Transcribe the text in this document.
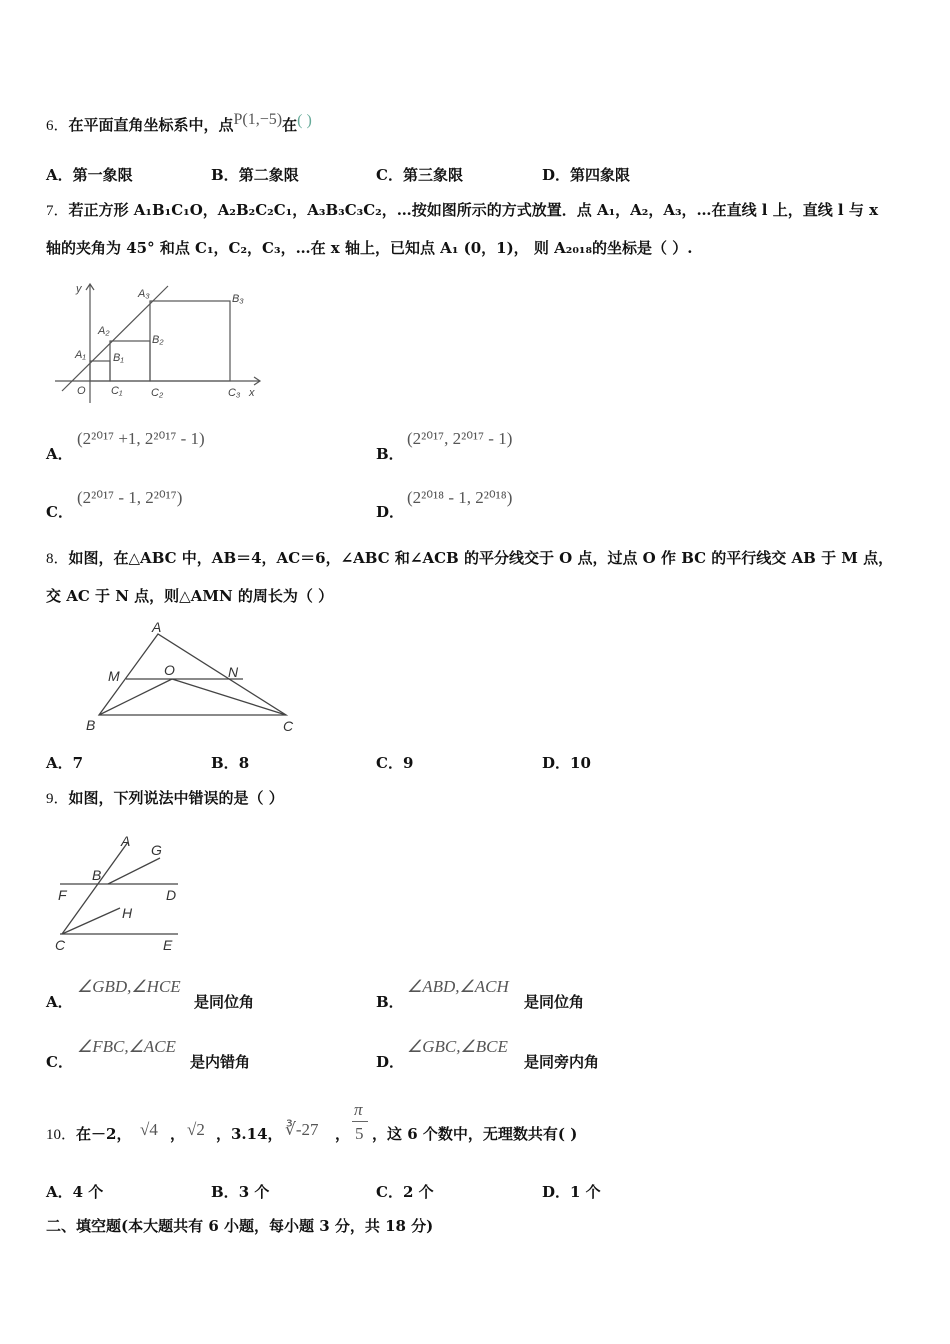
6．在平面直角坐标系中，点P(1,−5)在( )
A．第一象限	B．第二象限	C．第三象限	D．第四象限
7．若正方形 A₁B₁C₁O，A₂B₂C₂C₁，A₃B₃C₃C₂，…按如图所示的方式放置．点 A₁，A₂，A₃，…在直线 l 上，直线 l 与 x
轴的夹角为 45° 和点 C₁，C₂，C₃，…在 x 轴上，已知点 A₁ (0，1)， 则 A₂₀₁₈的坐标是（ ）.
y	A₃	B₃
A₂
B₂
A₁ B₁
O C₁	C₂	C₃ x
A．
(2²⁰¹⁷ +1, 2²⁰¹⁷ - 1)
B．
(2²⁰¹⁷, 2²⁰¹⁷ - 1)
C．
(2²⁰¹⁷ - 1, 2²⁰¹⁷)
D．
(2²⁰¹⁸ - 1, 2²⁰¹⁸)
8．如图，在△ABC 中，AB＝4，AC＝6，∠ABC 和∠ACB 的平分线交于 O 点，过点 O 作 BC 的平行线交 AB 于 M 点，
交 AC 于 N 点，则△AMN 的周长为（ ）
A
M	O	N
B	C
A．7	B．8	C．9	D．10
9．如图，下列说法中错误的是（ ）
A
G
B
F	D
H
C	E
A．
∠GBD,∠HCE
是同位角	B．
∠ABD,∠ACH
是同位角
C．
∠FBC,∠ACE
是内错角	D．
∠GBC,∠BCE
是同旁内角
10．在－2， √4 ， √2 ，3.14， ∛-27 ，
π
5 ，这 6 个数中，无理数共有( )
A．4 个	B．3 个	C．2 个	D．1 个
二、填空题(本大题共有 6 小题，每小题 3 分，共 18 分)
